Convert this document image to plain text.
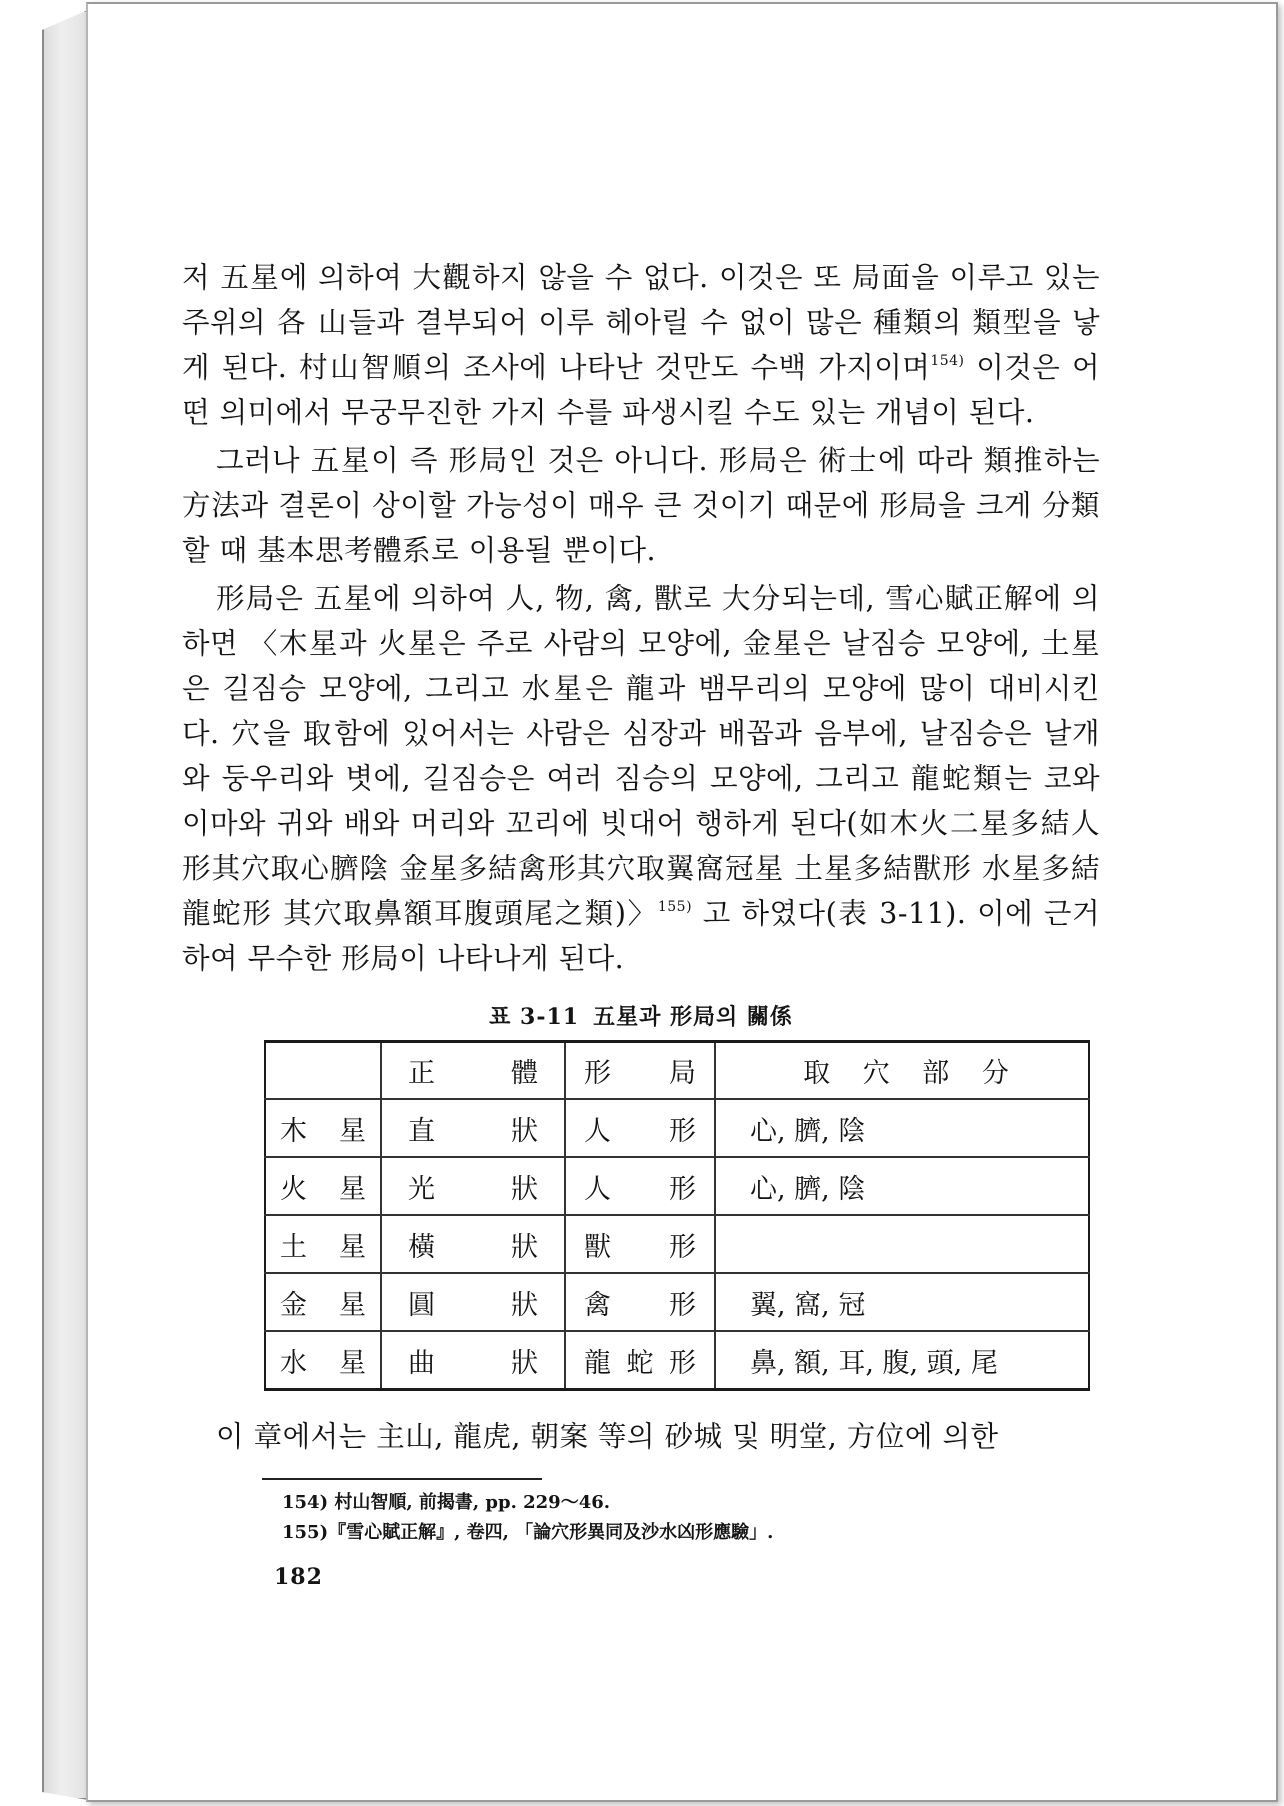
저 五星에 의하여 大觀하지 않을 수 없다. 이것은 또 局面을 이루고 있는 주위의 各 山들과 결부되어 이루 헤아릴 수 없이 많은 種類의 類型을 낳게 된다. 村山智順의 조사에 나타난 것만도 수백 가지이며$^{154)}$ 이것은 어떤 의미에서 무궁무진한 가지 수를 파생시킬 수도 있는 개념이 된다.

그러나 五星이 즉 形局인 것은 아니다. 形局은 術士에 따라 類推하는 方法과 결론이 상이할 가능성이 매우 큰 것이기 때문에 形局을 크게 分類할 때 基本思考體系로 이용될 뿐이다.

形局은 五星에 의하여 人, 物, 禽, 獸로 大分되는데, 雪心賦正解에 의하면 〈木星과 火星은 주로 사람의 모양에, 金星은 날짐승 모양에, 土星은 길짐승 모양에, 그리고 水星은 龍과 뱀무리의 모양에 많이 대비시킨다. 穴을 取함에 있어서는 사람은 심장과 배꼽과 음부에, 날짐승은 날개와 둥우리와 볏에, 길짐승은 여러 짐승의 모양에, 그리고 龍蛇類는 코와 이마와 귀와 배와 머리와 꼬리에 빗대어 행하게 된다(如木火二星多結人形其穴取心臍陰 金星多結禽形其穴取翼窩冠星 土星多結獸形 水星多結龍蛇形 其穴取鼻額耳腹頭尾之類)〉$^{155)}$ 고 하였다(表 3-11). 이에 근거하여 무수한 形局이 나타나게 된다.

표 3-11 五星과 形局의 關係
	正 體	形 局	取 穴 部 分
木 星	直 狀	人 形	心, 臍, 陰
火 星	光 狀	人 形	心, 臍, 陰
土 星	橫 狀	獸 形	
金 星	圓 狀	禽 形	翼, 窩, 冠
水 星	曲 狀	龍 蛇 形	鼻, 額, 耳, 腹, 頭, 尾

이 章에서는 主山, 龍虎, 朝案 等의 砂城 및 明堂, 方位에 의한

154) 村山智順, 前揭書, pp. 229～46.
155)『雪心賦正解』, 卷四, 「論穴形異同及沙水凶形應驗」.
182
